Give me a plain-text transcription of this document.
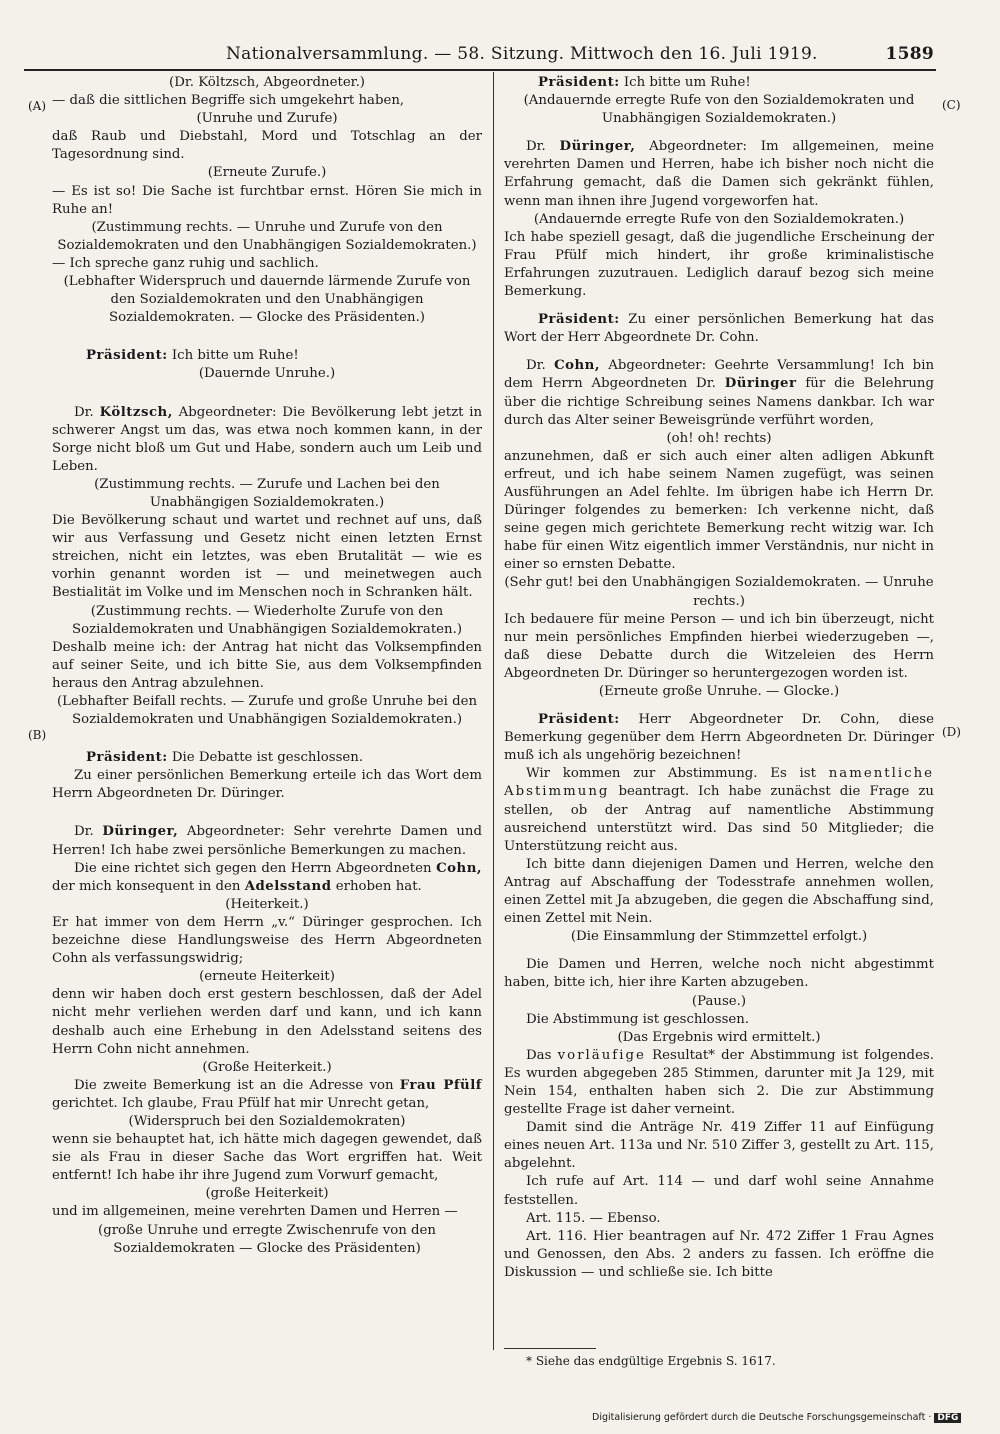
Nationalversammlung. — 58. Sitzung. Mittwoch den 16. Juli 1919.	1589
(A)
(B)
(C)
(D)

(Dr. Költzsch, Abgeordneter.)

— daß die sittlichen Begriffe sich umgekehrt haben,

(Unruhe und Zurufe)

daß Raub und Diebstahl, Mord und Totschlag an der Tagesordnung sind.

(Erneute Zurufe.)

— Es ist so! Die Sache ist furchtbar ernst. Hören Sie mich in Ruhe an!

(Zustimmung rechts. — Unruhe und Zurufe von den Sozialdemokraten und den Unabhängigen Sozialdemokraten.)

— Ich spreche ganz ruhig und sachlich.

(Lebhafter Widerspruch und dauernde lärmende Zurufe von den Sozialdemokraten und den Unabhängigen Sozialdemokraten. — Glocke des Präsidenten.)

Präsident: Ich bitte um Ruhe!

(Dauernde Unruhe.)

Dr. Költzsch, Abgeordneter: Die Bevölkerung lebt jetzt in schwerer Angst um das, was etwa noch kommen kann, in der Sorge nicht bloß um Gut und Habe, sondern auch um Leib und Leben.

(Zustimmung rechts. — Zurufe und Lachen bei den Unabhängigen Sozialdemokraten.)

Die Bevölkerung schaut und wartet und rechnet auf uns, daß wir aus Verfassung und Gesetz nicht einen letzten Ernst streichen, nicht ein letztes, was eben Brutalität — wie es vorhin genannt worden ist — und meinetwegen auch Bestialität im Volke und im Menschen noch in Schranken hält.

(Zustimmung rechts. — Wiederholte Zurufe von den Sozialdemokraten und Unabhängigen Sozialdemokraten.)

Deshalb meine ich: der Antrag hat nicht das Volksempfinden auf seiner Seite, und ich bitte Sie, aus dem Volksempfinden heraus den Antrag abzulehnen.

(Lebhafter Beifall rechts. — Zurufe und große Unruhe bei den Sozialdemokraten und Unabhängigen Sozialdemokraten.)

Präsident: Die Debatte ist geschlossen.

Zu einer persönlichen Bemerkung erteile ich das Wort dem Herrn Abgeordneten Dr. Düringer.

Dr. Düringer, Abgeordneter: Sehr verehrte Damen und Herren! Ich habe zwei persönliche Bemerkungen zu machen.

Die eine richtet sich gegen den Herrn Abgeordneten Cohn, der mich konsequent in den Adelsstand erhoben hat.

(Heiterkeit.)

Er hat immer von dem Herrn „v.“ Düringer gesprochen. Ich bezeichne diese Handlungsweise des Herrn Abgeordneten Cohn als verfassungswidrig;

(erneute Heiterkeit)

denn wir haben doch erst gestern beschlossen, daß der Adel nicht mehr verliehen werden darf und kann, und ich kann deshalb auch eine Erhebung in den Adelsstand seitens des Herrn Cohn nicht annehmen.

(Große Heiterkeit.)

Die zweite Bemerkung ist an die Adresse von Frau Pfülf gerichtet. Ich glaube, Frau Pfülf hat mir Unrecht getan,

(Widerspruch bei den Sozialdemokraten)

wenn sie behauptet hat, ich hätte mich dagegen gewendet, daß sie als Frau in dieser Sache das Wort ergriffen hat. Weit entfernt! Ich habe ihr ihre Jugend zum Vorwurf gemacht,

(große Heiterkeit)

und im allgemeinen, meine verehrten Damen und Herren —

(große Unruhe und erregte Zwischenrufe von den Sozialdemokraten — Glocke des Präsidenten)

Präsident: Ich bitte um Ruhe!

(Andauernde erregte Rufe von den Sozialdemokraten und Unabhängigen Sozialdemokraten.)

Dr. Düringer, Abgeordneter: Im allgemeinen, meine verehrten Damen und Herren, habe ich bisher noch nicht die Erfahrung gemacht, daß die Damen sich gekränkt fühlen, wenn man ihnen ihre Jugend vorgeworfen hat.

(Andauernde erregte Rufe von den Sozialdemokraten.)

Ich habe speziell gesagt, daß die jugendliche Erscheinung der Frau Pfülf mich hindert, ihr große kriminalistische Erfahrungen zuzutrauen. Lediglich darauf bezog sich meine Bemerkung.

Präsident: Zu einer persönlichen Bemerkung hat das Wort der Herr Abgeordnete Dr. Cohn.

Dr. Cohn, Abgeordneter: Geehrte Versammlung! Ich bin dem Herrn Abgeordneten Dr. Düringer für die Belehrung über die richtige Schreibung seines Namens dankbar. Ich war durch das Alter seiner Beweisgründe verführt worden,

(oh! oh! rechts)

anzunehmen, daß er sich auch einer alten adligen Abkunft erfreut, und ich habe seinem Namen zugefügt, was seinen Ausführungen an Adel fehlte. Im übrigen habe ich Herrn Dr. Düringer folgendes zu bemerken: Ich verkenne nicht, daß seine gegen mich gerichtete Bemerkung recht witzig war. Ich habe für einen Witz eigentlich immer Verständnis, nur nicht in einer so ernsten Debatte.

(Sehr gut! bei den Unabhängigen Sozialdemokraten. — Unruhe rechts.)

Ich bedauere für meine Person — und ich bin überzeugt, nicht nur mein persönliches Empfinden hierbei wiederzugeben —, daß diese Debatte durch die Witzeleien des Herrn Abgeordneten Dr. Düringer so heruntergezogen worden ist.

(Erneute große Unruhe. — Glocke.)

Präsident: Herr Abgeordneter Dr. Cohn, diese Bemerkung gegenüber dem Herrn Abgeordneten Dr. Düringer muß ich als ungehörig bezeichnen!

Wir kommen zur Abstimmung. Es ist namentliche Abstimmung beantragt. Ich habe zunächst die Frage zu stellen, ob der Antrag auf namentliche Abstimmung ausreichend unterstützt wird. Das sind 50 Mitglieder; die Unterstützung reicht aus.

Ich bitte dann diejenigen Damen und Herren, welche den Antrag auf Abschaffung der Todesstrafe annehmen wollen, einen Zettel mit Ja abzugeben, die gegen die Abschaffung sind, einen Zettel mit Nein.

(Die Einsammlung der Stimmzettel erfolgt.)

Die Damen und Herren, welche noch nicht abgestimmt haben, bitte ich, hier ihre Karten abzugeben.

(Pause.)

Die Abstimmung ist geschlossen.

(Das Ergebnis wird ermittelt.)

Das vorläufige Resultat* der Abstimmung ist folgendes. Es wurden abgegeben 285 Stimmen, darunter mit Ja 129, mit Nein 154, enthalten haben sich 2. Die zur Abstimmung gestellte Frage ist daher verneint.

Damit sind die Anträge Nr. 419 Ziffer 11 auf Einfügung eines neuen Art. 113a und Nr. 510 Ziffer 3, gestellt zu Art. 115, abgelehnt.

Ich rufe auf Art. 114 — und darf wohl seine Annahme feststellen.

Art. 115. — Ebenso.

Art. 116. Hier beantragen auf Nr. 472 Ziffer 1 Frau Agnes und Genossen, den Abs. 2 anders zu fassen. Ich eröffne die Diskussion — und schließe sie. Ich bitte

* Siehe das endgültige Ergebnis S. 1617.
Digitalisierung gefördert durch die Deutsche Forschungsgemeinschaft · DFG
